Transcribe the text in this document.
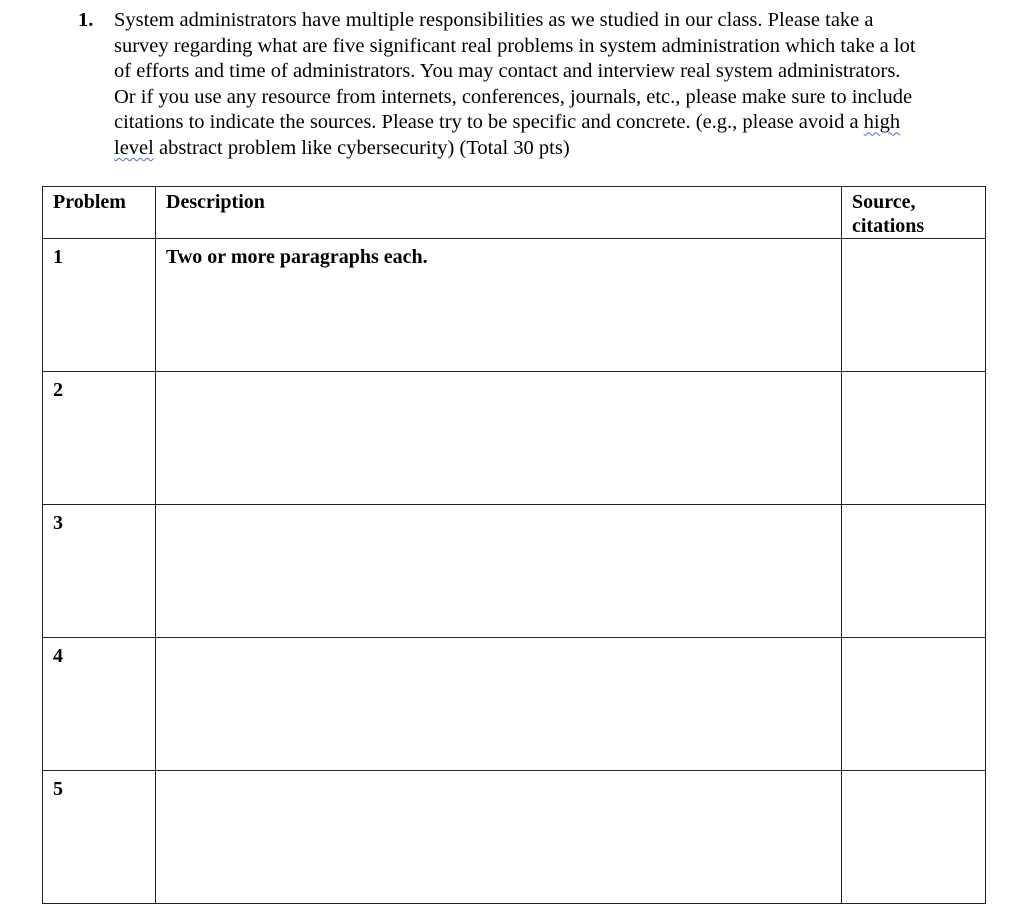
1. System administrators have multiple responsibilities as we studied in our class. Please take a
survey regarding what are five significant real problems in system administration which take a lot
of efforts and time of administrators. You may contact and interview real system administrators.
Or if you use any resource from internets, conferences, journals, etc., please make sure to include
citations to indicate the sources. Please try to be specific and concrete. (e.g., please avoid a high
level abstract problem like cybersecurity) (Total 30 pts)
Problem	Description	Source, citations
1	Two or more paragraphs each.	
2		
3		
4		
5		
